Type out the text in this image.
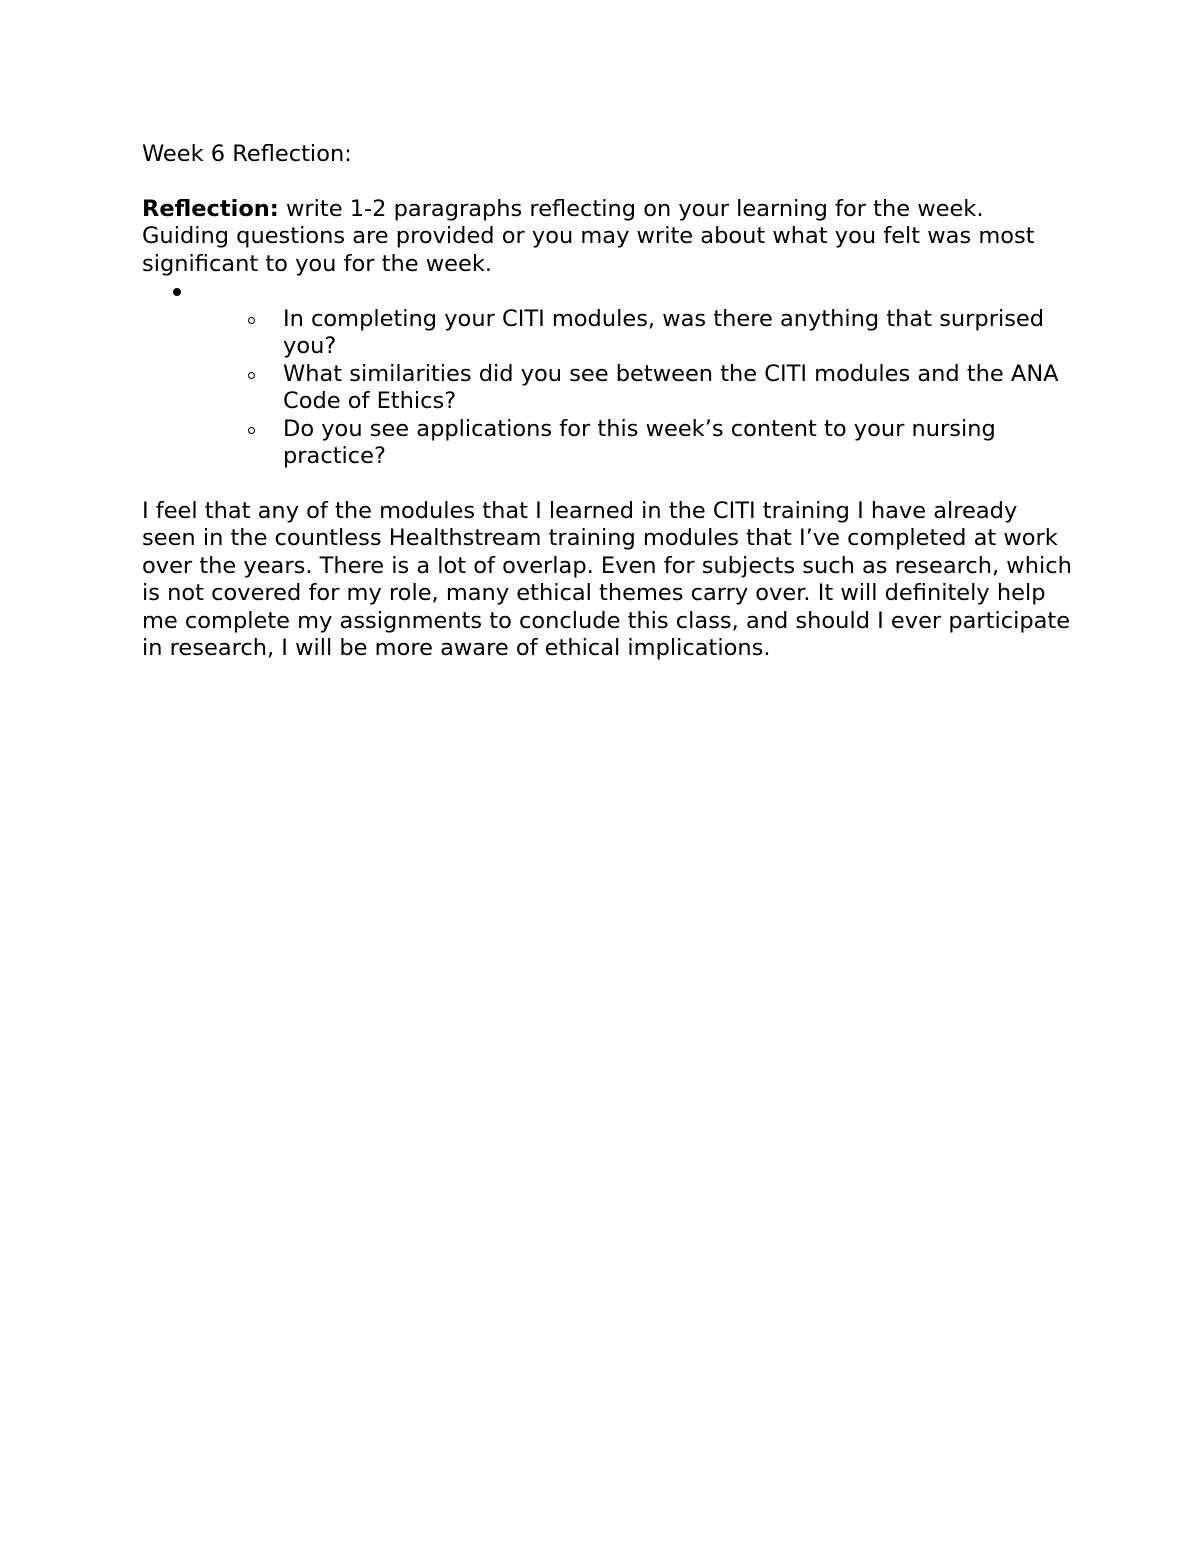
Week 6 Reflection:

Reflection: write 1-2 paragraphs reflecting on your learning for the week. Guiding questions are provided or you may write about what you felt was most significant to you for the week.

In completing your CITI modules, was there anything that surprised you?
What similarities did you see between the CITI modules and the ANA Code of Ethics?
Do you see applications for this week’s content to your nursing practice?

I feel that any of the modules that I learned in the CITI training I have already seen in the countless Healthstream training modules that I’ve completed at work over the years. There is a lot of overlap. Even for subjects such as research, which is not covered for my role, many ethical themes carry over. It will definitely help me complete my assignments to conclude this class, and should I ever participate in research, I will be more aware of ethical implications.
